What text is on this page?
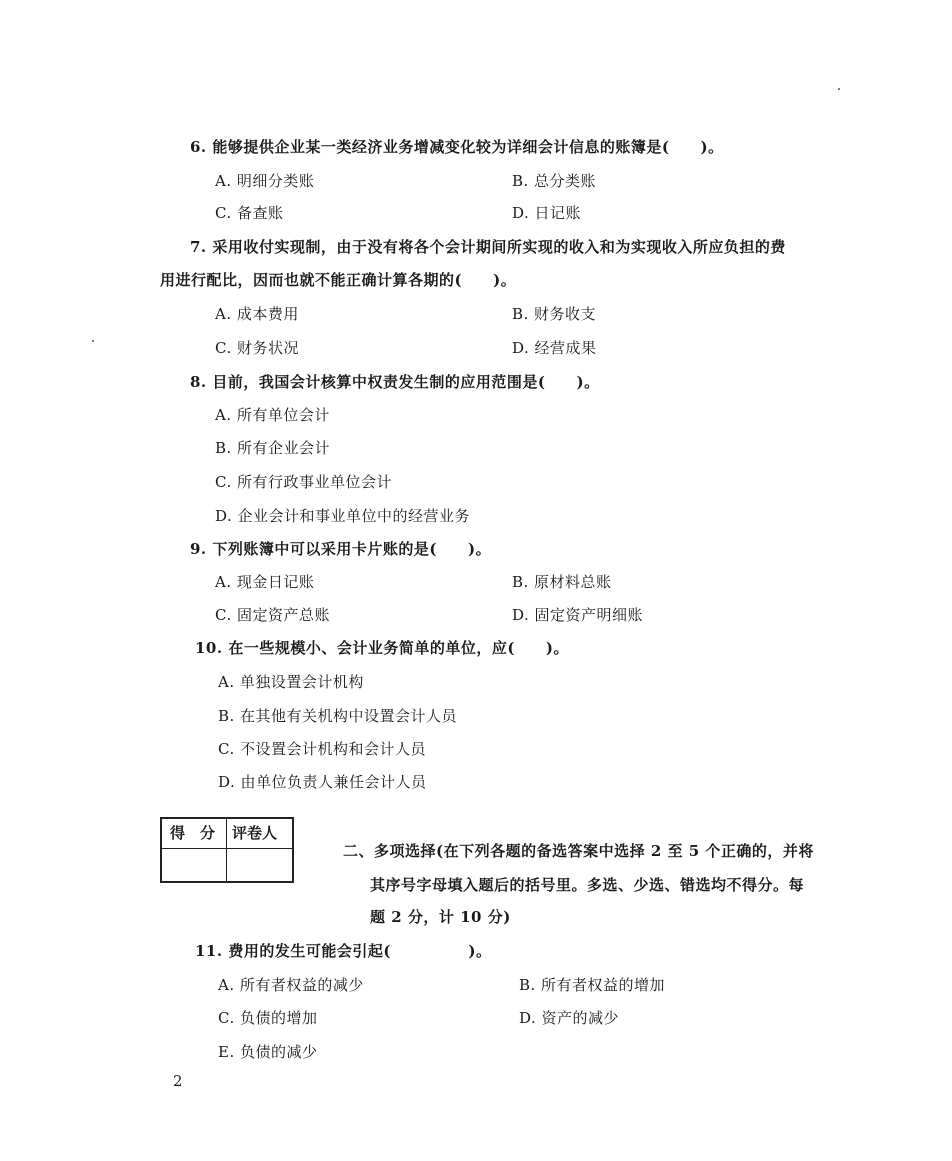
6. 能够提供企业某一类经济业务增减变化较为详细会计信息的账簿是(　　)。
A. 明细分类账	B. 总分类账
C. 备查账	D. 日记账
7. 采用收付实现制，由于没有将各个会计期间所实现的收入和为实现收入所应负担的费
用进行配比，因而也就不能正确计算各期的(　　)。
A. 成本费用	B. 财务收支
C. 财务状况	D. 经营成果
8. 目前，我国会计核算中权责发生制的应用范围是(　　)。
A. 所有单位会计
B. 所有企业会计
C. 所有行政事业单位会计
D. 企业会计和事业单位中的经营业务
9. 下列账簿中可以采用卡片账的是(　　)。
A. 现金日记账	B. 原材料总账
C. 固定资产总账	D. 固定资产明细账
10. 在一些规模小、会计业务简单的单位，应(　　)。
A. 单独设置会计机构
B. 在其他有关机构中设置会计人员
C. 不设置会计机构和会计人员
D. 由单位负责人兼任会计人员
得　分 评卷人
二、多项选择(在下列各题的备选答案中选择 2 至 5 个正确的，并将
其序号字母填入题后的括号里。多选、少选、错选均不得分。每
题 2 分，计 10 分)
11. 费用的发生可能会引起(　　　　　)。
A. 所有者权益的减少	B. 所有者权益的增加
C. 负债的增加	D. 资产的减少
E. 负债的减少
2
